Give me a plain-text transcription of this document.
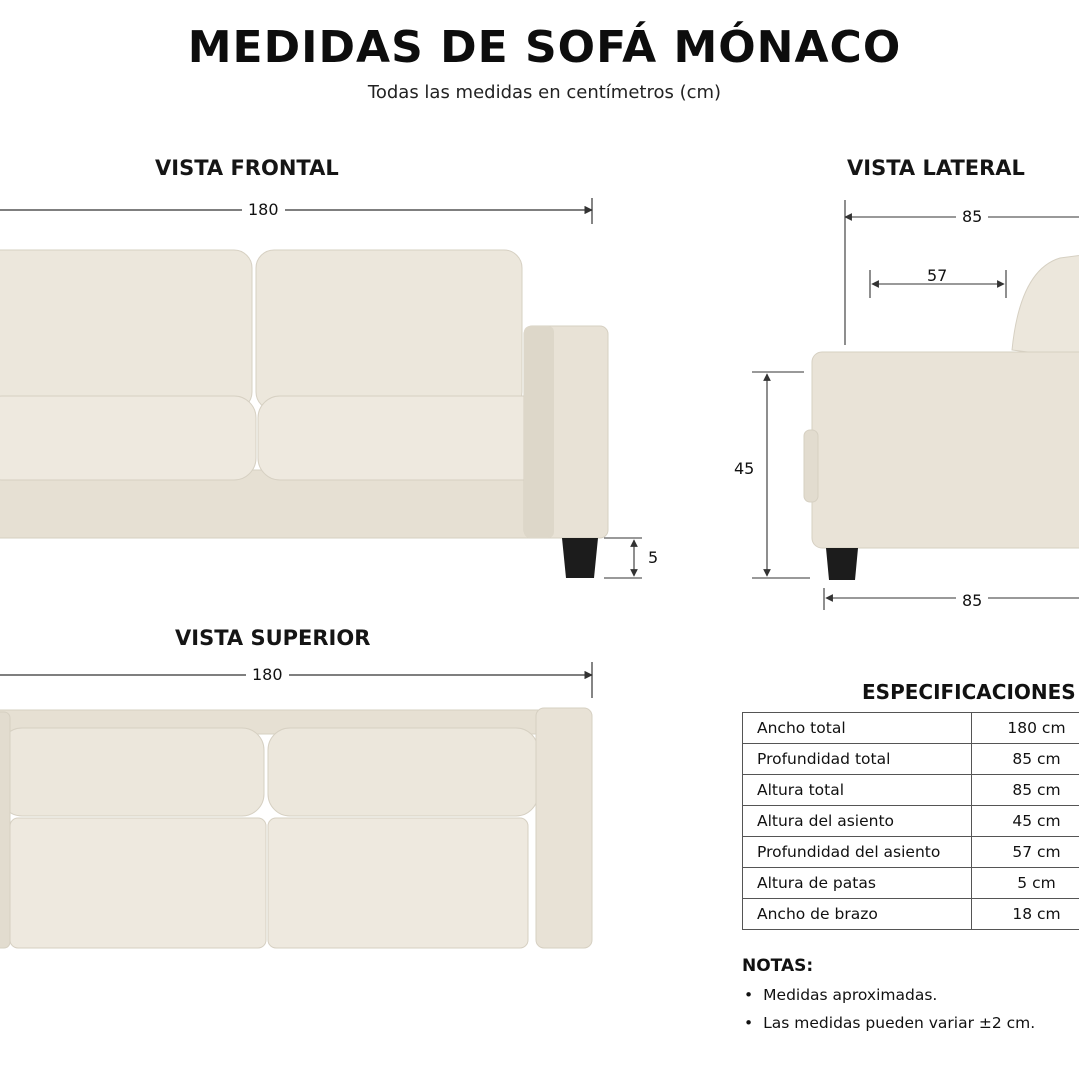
MEDIDAS DE SOFÁ MÓNACO
Todas las medidas en centímetros (cm)
VISTA FRONTAL	VISTA LATERAL
VISTA SUPERIOR
180
5
85
57
45
85
180
ESPECIFICACIONES
Ancho total	180 cm
Profundidad total	85 cm
Altura total	85 cm
Altura del asiento	45 cm
Profundidad del asiento	57 cm
Altura de patas	5 cm
Ancho de brazo	18 cm
NOTAS:
• Medidas aproximadas.
• Las medidas pueden variar ±2 cm.
